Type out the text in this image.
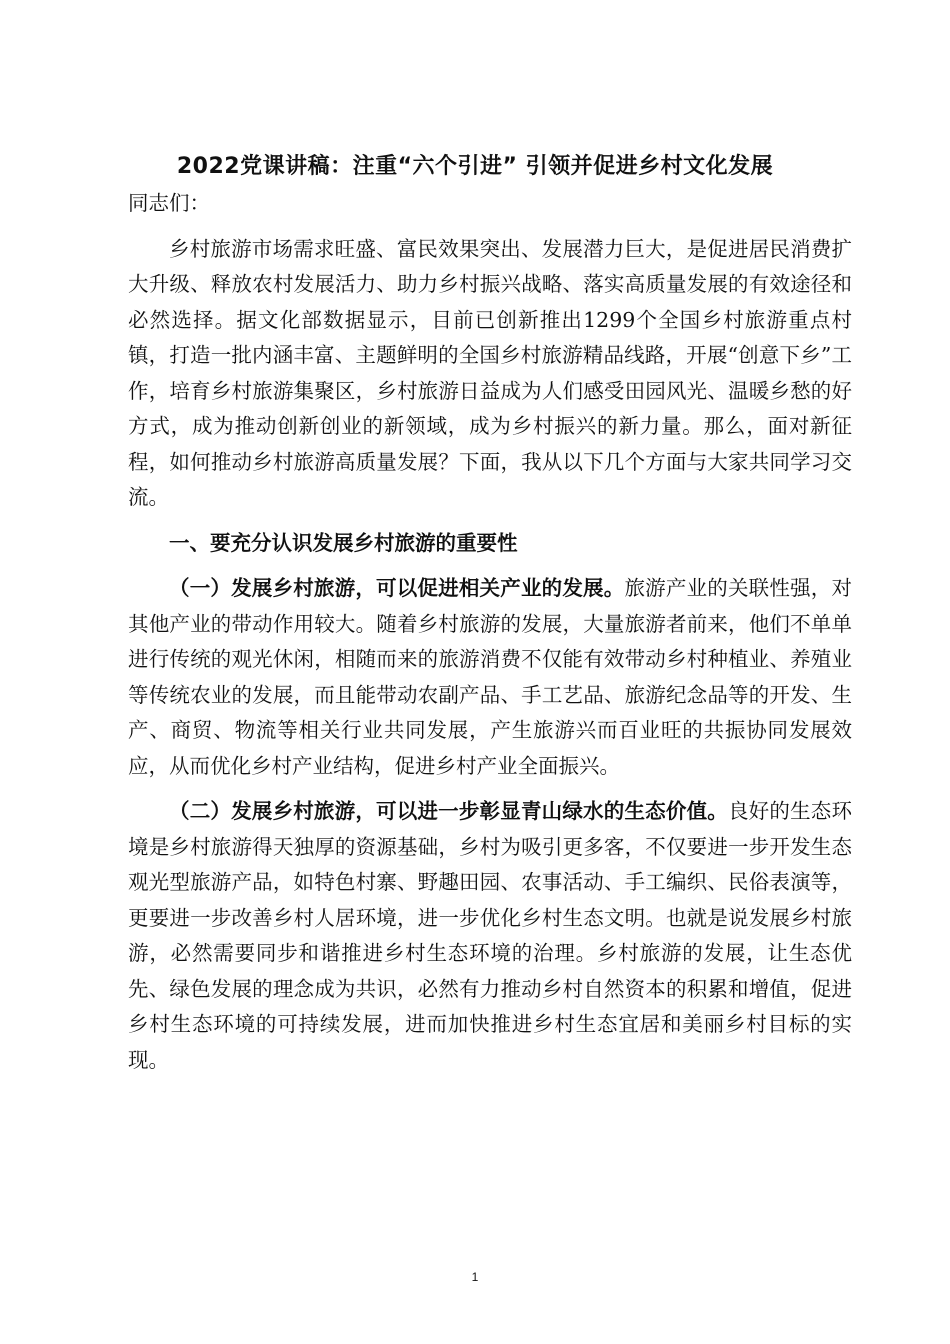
2022党课讲稿：注重“六个引进” 引领并促进乡村文化发展

同志们：

乡村旅游市场需求旺盛、富民效果突出、发展潜力巨大，是促进居民消费扩大升级、释放农村发展活力、助力乡村振兴战略、落实高质量发展的有效途径和必然选择。据文化部数据显示，目前已创新推出1299个全国乡村旅游重点村镇，打造一批内涵丰富、主题鲜明的全国乡村旅游精品线路，开展“创意下乡”工作，培育乡村旅游集聚区，乡村旅游日益成为人们感受田园风光、温暖乡愁的好方式，成为推动创新创业的新领域，成为乡村振兴的新力量。那么，面对新征程，如何推动乡村旅游高质量发展？下面，我从以下几个方面与大家共同学习交流。

一、要充分认识发展乡村旅游的重要性

（一）发展乡村旅游，可以促进相关产业的发展。旅游产业的关联性强，对其他产业的带动作用较大。随着乡村旅游的发展，大量旅游者前来，他们不单单进行传统的观光休闲，相随而来的旅游消费不仅能有效带动乡村种植业、养殖业等传统农业的发展，而且能带动农副产品、手工艺品、旅游纪念品等的开发、生产、商贸、物流等相关行业共同发展，产生旅游兴而百业旺的共振协同发展效应，从而优化乡村产业结构，促进乡村产业全面振兴。

（二）发展乡村旅游，可以进一步彰显青山绿水的生态价值。良好的生态环境是乡村旅游得天独厚的资源基础，乡村为吸引更多客，不仅要进一步开发生态观光型旅游产品，如特色村寨、野趣田园、农事活动、手工编织、民俗表演等，更要进一步改善乡村人居环境，进一步优化乡村生态文明。也就是说发展乡村旅游，必然需要同步和谐推进乡村生态环境的治理。乡村旅游的发展，让生态优先、绿色发展的理念成为共识，必然有力推动乡村自然资本的积累和增值，促进乡村生态环境的可持续发展，进而加快推进乡村生态宜居和美丽乡村目标的实现。

1
